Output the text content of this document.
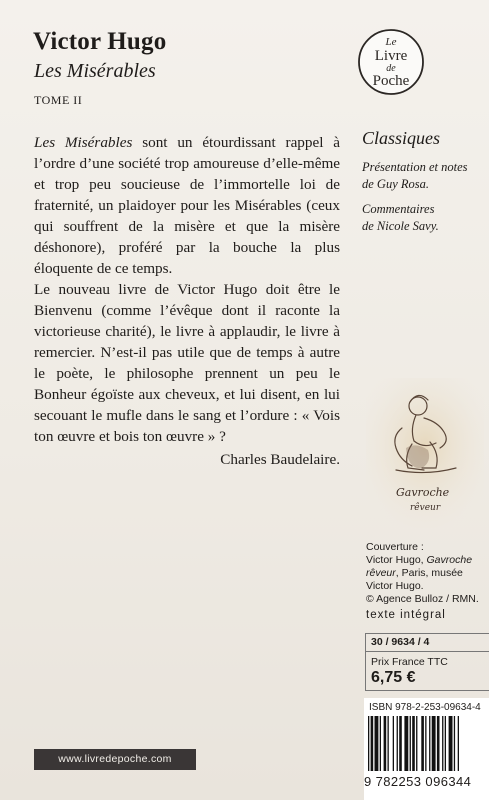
Victor Hugo
Les Misérables
TOME II
Le
Livre
de
Poche

Les Misérables sont un étourdissant rappel à l’ordre d’une société trop amoureuse d’elle-même et trop peu soucieuse de l’immortelle loi de fraternité, un plaidoyer pour les Misérables (ceux qui souffrent de la misère et que la misère déshonore), proféré par la bouche la plus éloquente de ce temps.

Le nouveau livre de Victor Hugo doit être le Bienvenu (comme l’évêque dont il raconte la victorieuse charité), le livre à applaudir, le livre à remercier. N’est-il pas utile que de temps à autre le poète, le philosophe prennent un peu le Bonheur égoïste aux cheveux, et lui disent, en lui secouant le mufle dans le sang et l’ordure : « Vois ton œuvre et bois ton œuvre » ?

Charles Baudelaire.

Classiques
Présentation et notes
de Guy Rosa.
Commentaires
de Nicole Savy.
Gavroche
rêveur
Couverture :
Victor Hugo, Gavroche rêveur, Paris, musée Victor Hugo.
© Agence Bulloz / RMN.
texte intégral
30 / 9634 / 4
Prix France TTC
6,75 €
ISBN 978-2-253-09634-4
9 782253 096344
www.livredepoche.com
